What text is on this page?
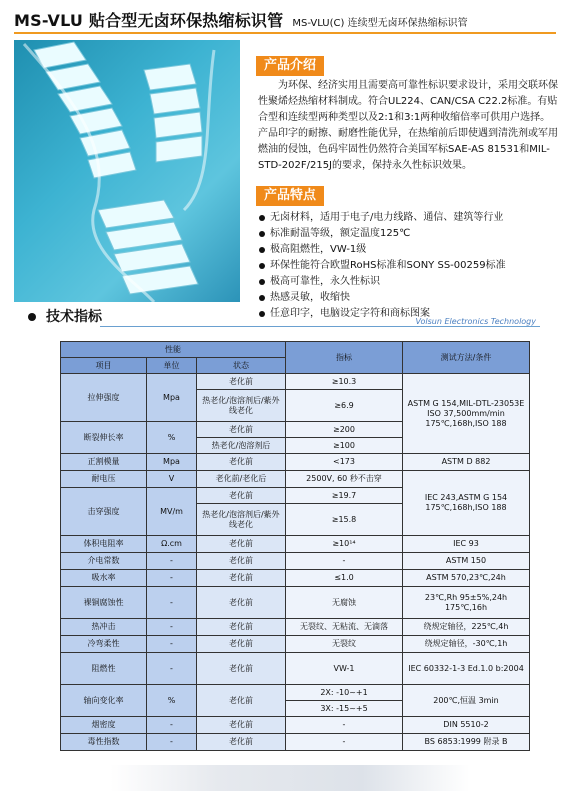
MS-VLU 贴合型无卤环保热缩标识管 MS-VLU(C) 连续型无卤环保热缩标识管
产品介绍
为环保、经济实用且需要高可靠性标识要求设计，采用交联环保性聚烯烃热缩材料制成。符合UL224、CAN/CSA C22.2标准。有贴合型和连续型两种类型以及2:1和3:1两种收缩倍率可供用户选择。产品印字的耐擦、耐磨性能优异，在热缩前后即使遇到清洗剂或军用燃油的侵蚀，色码牢固性仍然符合美国军标SAE-AS 81531和MIL-STD-202F/215J的要求，保持永久性标识效果。
产品特点
无卤材料，适用于电子/电力线路、通信、建筑等行业
标准耐温等级，额定温度125℃
极高阻燃性，VW-1级
环保性能符合欧盟RoHS标准和SONY SS-00259标准
极高可靠性，永久性标识
热感灵敏，收缩快
任意印字，电脑设定字符和商标图案
技术指标	Volsun Electronics Technology
性能			指标	测试方法/条件
项目	单位	状态		
拉伸强度	Mpa	老化前	≥10.3	ASTM G 154,MIL-DTL-23053E ISO 37,500mm/min 175℃,168h,ISO 188
		热老化/泡溶剂后/紫外线老化	≥6.9	
断裂伸长率	%	老化前	≥200	
		热老化/泡溶剂后	≥100	
正割模量	Mpa	老化前	<173	ASTM D 882
耐电压	V	老化前/老化后	2500V, 60 秒不击穿	IEC 243,ASTM G 154 175℃,168h,ISO 188
击穿强度	MV/m	老化前	≥19.7	
		热老化/泡溶剂后/紫外线老化	≥15.8	
体积电阻率	Ω.cm	老化前	≥10¹⁴	IEC 93
介电常数	-	老化前	-	ASTM 150
吸水率	-	老化前	≤1.0	ASTM 570,23℃,24h
裸铜腐蚀性	-	老化前	无腐蚀	23℃,Rh 95±5%,24h 175℃,16h
热冲击	-	老化前	无裂纹、无粘流、无滴落	绕规定轴径，225℃,4h
冷弯柔性	-	老化前	无裂纹	绕规定轴径，-30℃,1h
阻燃性	-	老化前	VW-1	IEC 60332-1-3 Ed.1.0 b:2004
轴向变化率	%	老化前	2X: -10~+1	200℃,恒温 3min
			3X: -15~+5	
烟密度	-	老化前	-	DIN 5510-2
毒性指数	-	老化前	-	BS 6853:1999 附录 B
